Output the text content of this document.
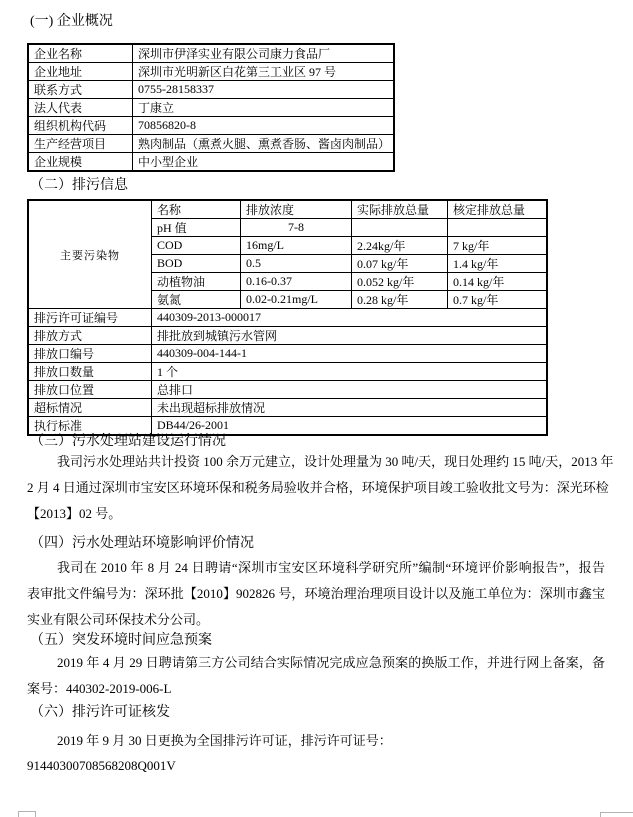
(一) 企业概况
企业名称	深圳市伊泽实业有限公司康力食品厂
企业地址	深圳市光明新区白花第三工业区 97 号
联系方式	0755-28158337
法人代表	丁康立
组织机构代码	70856820-8
生产经营项目	熟肉制品（熏煮火腿、熏煮香肠、酱卤肉制品）
企业规模	中小型企业
（二）排污信息
主要污染物	名称	排放浓度	实际排放总量	核定排放总量
	pH 值	7-8		
	COD	16mg/L	2.24kg/年	7 kg/年
	BOD	0.5	0.07 kg/年	1.4 kg/年
	动植物油	0.16-0.37	0.052 kg/年	0.14 kg/年
	氨氮	0.02-0.21mg/L	0.28 kg/年	0.7 kg/年
排污许可证编号	440309-2013-000017			
排放方式	排批放到城镇污水管网			
排放口编号	440309-004-144-1			
排放口数量	1 个			
排放口位置	总排口			
超标情况	未出现超标排放情况			
执行标准	DB44/26-2001			
（三）污水处理站建设运行情况
我司污水处理站共计投资 100 余万元建立，设计处理量为 30 吨/天，现日处理约 15 吨/天，2013 年
2 月 4 日通过深圳市宝安区环境环保和税务局验收并合格，环境保护项目竣工验收批文号为：深光环检
【2013】02 号。
（四）污水处理站环境影响评价情况
我司在 2010 年 8 月 24 日聘请“深圳市宝安区环境科学研究所”编制“环境评价影响报告”，报告
表审批文件编号为：深环批【2010】902826 号，环境治理治理项目设计以及施工单位为：深圳市鑫宝
实业有限公司环保技术分公司。
（五）突发环境时间应急预案
2019 年 4 月 29 日聘请第三方公司结合实际情况完成应急预案的换版工作，并进行网上备案，备
案号：440302-2019-006-L
（六）排污许可证核发
2019 年 9 月 30 日更换为全国排污许可证，排污许可证号：
91440300708568208Q001V
